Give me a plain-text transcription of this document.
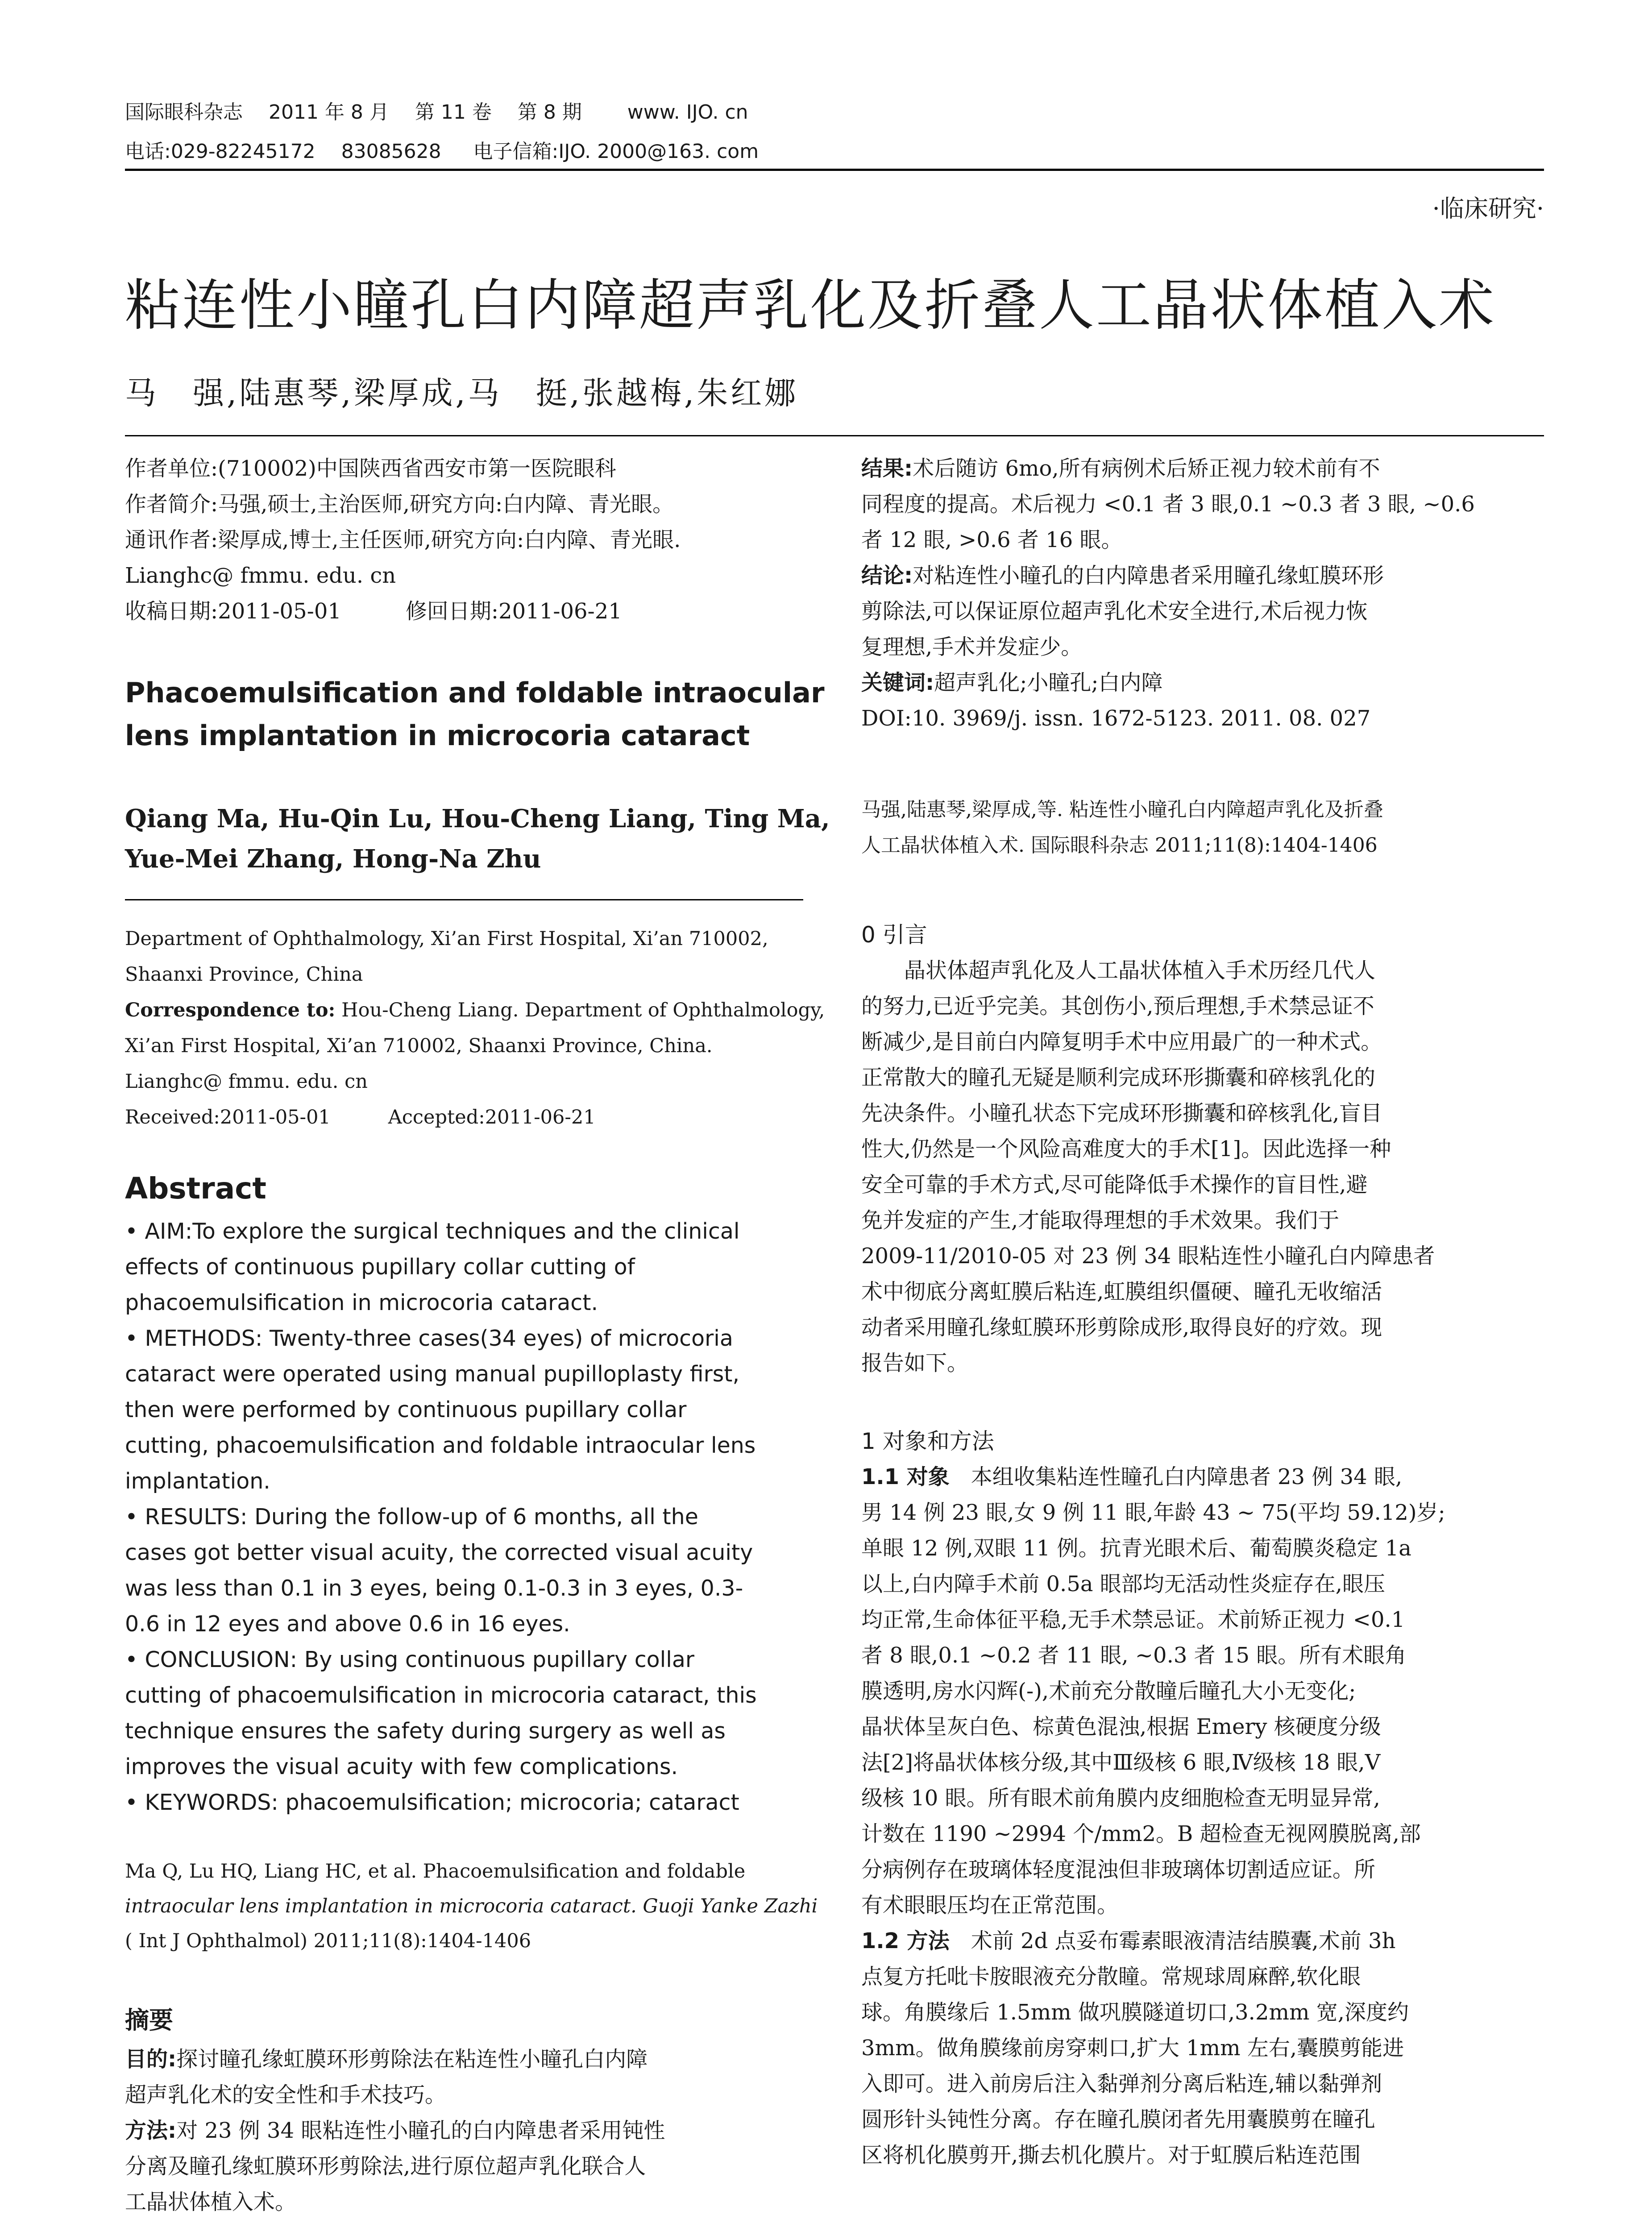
国际眼科杂志　 2011 年 8 月 　第 11 卷 　第 8 期 　　www. IJO. cn
电话:029-82245172 　83085628 　 电子信箱:IJO. 2000@163. com
·临床研究·
粘连性小瞳孔白内障超声乳化及折叠人工晶状体植入术
马　强,陆惠琴,梁厚成,马　挺,张越梅,朱红娜
作者单位:(710002)中国陕西省西安市第一医院眼科
作者简介:马强,硕士,主治医师,研究方向:白内障、青光眼。
通讯作者:梁厚成,博士,主任医师,研究方向:白内障、青光眼.
Lianghc@ fmmu. edu. cn
收稿日期:2011-05-01　　　修回日期:2011-06-21
Phacoemulsification and foldable intraocular
lens implantation in microcoria cataract
Qiang Ma, Hu-Qin Lu, Hou-Cheng Liang, Ting Ma,
Yue-Mei Zhang, Hong-Na Zhu
Department of Ophthalmology, Xi’an First Hospital, Xi’an 710002,
Shaanxi Province, China
Correspondence to: Hou-Cheng Liang. Department of Ophthalmology,
Xi’an First Hospital, Xi’an 710002, Shaanxi Province, China.
Lianghc@ fmmu. edu. cn
Received:2011-05-01　　　Accepted:2011-06-21
Abstract
• AIM:To explore the surgical techniques and the clinical
effects of continuous pupillary collar cutting of
phacoemulsification in microcoria cataract.
• METHODS: Twenty-three cases(34 eyes) of microcoria
cataract were operated using manual pupilloplasty first,
then were performed by continuous pupillary collar
cutting, phacoemulsification and foldable intraocular lens
implantation.
• RESULTS: During the follow-up of 6 months, all the
cases got better visual acuity, the corrected visual acuity
was less than 0.1 in 3 eyes, being 0.1-0.3 in 3 eyes, 0.3-
0.6 in 12 eyes and above 0.6 in 16 eyes.
• CONCLUSION: By using continuous pupillary collar
cutting of phacoemulsification in microcoria cataract, this
technique ensures the safety during surgery as well as
improves the visual acuity with few complications.
• KEYWORDS: phacoemulsification; microcoria; cataract
Ma Q, Lu HQ, Liang HC, et al. Phacoemulsification and foldable
intraocular lens implantation in microcoria cataract. Guoji Yanke Zazhi
( Int J Ophthalmol) 2011;11(8):1404-1406
摘要
目的:探讨瞳孔缘虹膜环形剪除法在粘连性小瞳孔白内障
超声乳化术的安全性和手术技巧。
方法:对 23 例 34 眼粘连性小瞳孔的白内障患者采用钝性
分离及瞳孔缘虹膜环形剪除法,进行原位超声乳化联合人
工晶状体植入术。
结果:术后随访 6mo,所有病例术后矫正视力较术前有不
同程度的提高。术后视力 <0.1 者 3 眼,0.1 ~0.3 者 3 眼, ~0.6
者 12 眼, >0.6 者 16 眼。
结论:对粘连性小瞳孔的白内障患者采用瞳孔缘虹膜环形
剪除法,可以保证原位超声乳化术安全进行,术后视力恢
复理想,手术并发症少。
关键词:超声乳化;小瞳孔;白内障
DOI:10. 3969/j. issn. 1672-5123. 2011. 08. 027
马强,陆惠琴,梁厚成,等. 粘连性小瞳孔白内障超声乳化及折叠
人工晶状体植入术. 国际眼科杂志 2011;11(8):1404-1406
0 引言
　　晶状体超声乳化及人工晶状体植入手术历经几代人
的努力,已近乎完美。其创伤小,预后理想,手术禁忌证不
断减少,是目前白内障复明手术中应用最广的一种术式。
正常散大的瞳孔无疑是顺利完成环形撕囊和碎核乳化的
先决条件。小瞳孔状态下完成环形撕囊和碎核乳化,盲目
性大,仍然是一个风险高难度大的手术[1]。因此选择一种
安全可靠的手术方式,尽可能降低手术操作的盲目性,避
免并发症的产生,才能取得理想的手术效果。我们于
2009-11/2010-05 对 23 例 34 眼粘连性小瞳孔白内障患者
术中彻底分离虹膜后粘连,虹膜组织僵硬、瞳孔无收缩活
动者采用瞳孔缘虹膜环形剪除成形,取得良好的疗效。现
报告如下。
1 对象和方法
1.1 对象　本组收集粘连性瞳孔白内障患者 23 例 34 眼,
男 14 例 23 眼,女 9 例 11 眼,年龄 43 ~ 75(平均 59.12)岁;
单眼 12 例,双眼 11 例。抗青光眼术后、葡萄膜炎稳定 1a
以上,白内障手术前 0.5a 眼部均无活动性炎症存在,眼压
均正常,生命体征平稳,无手术禁忌证。术前矫正视力 <0.1
者 8 眼,0.1 ~0.2 者 11 眼, ~0.3 者 15 眼。所有术眼角
膜透明,房水闪辉(-),术前充分散瞳后瞳孔大小无变化;
晶状体呈灰白色、棕黄色混浊,根据 Emery 核硬度分级
法[2]将晶状体核分级,其中Ⅲ级核 6 眼,Ⅳ级核 18 眼,Ⅴ
级核 10 眼。所有眼术前角膜内皮细胞检查无明显异常,
计数在 1190 ~2994 个/mm2。B 超检查无视网膜脱离,部
分病例存在玻璃体轻度混浊但非玻璃体切割适应证。所
有术眼眼压均在正常范围。
1.2 方法　术前 2d 点妥布霉素眼液清洁结膜囊,术前 3h
点复方托吡卡胺眼液充分散瞳。常规球周麻醉,软化眼
球。角膜缘后 1.5mm 做巩膜隧道切口,3.2mm 宽,深度约
3mm。做角膜缘前房穿刺口,扩大 1mm 左右,囊膜剪能进
入即可。进入前房后注入黏弹剂分离后粘连,辅以黏弹剂
圆形针头钝性分离。存在瞳孔膜闭者先用囊膜剪在瞳孔
区将机化膜剪开,撕去机化膜片。对于虹膜后粘连范围
